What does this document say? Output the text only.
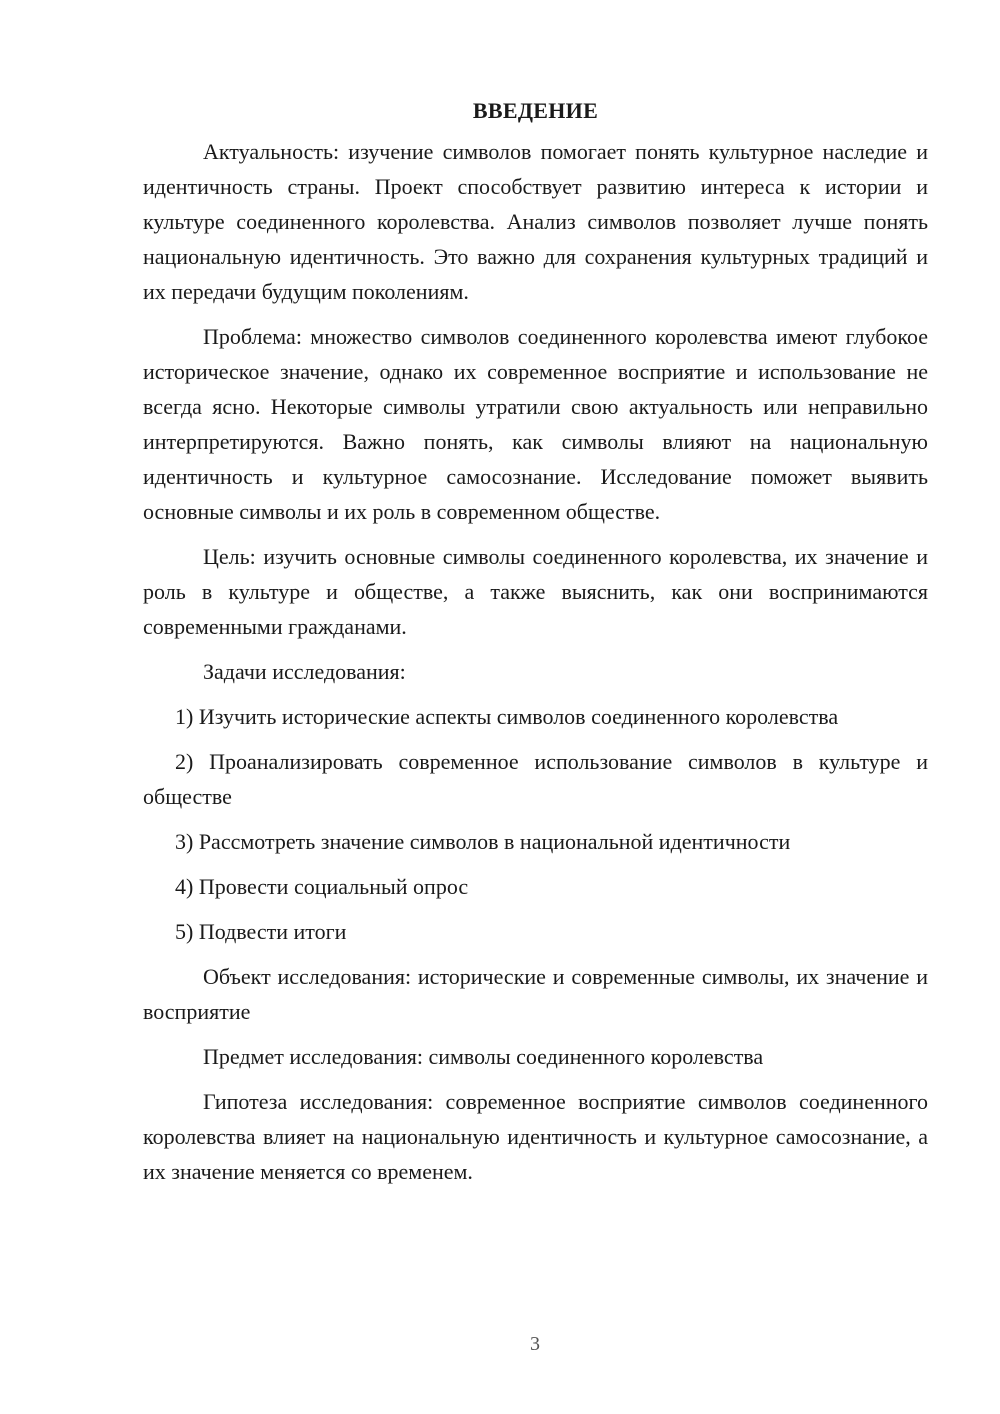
ВВЕДЕНИЕ

Актуальность: изучение символов помогает понять культурное наследие и идентичность страны. Проект способствует развитию интереса к истории и культуре соединенного королевства. Анализ символов позволяет лучше понять национальную идентичность. Это важно для сохранения культурных традиций и их передачи будущим поколениям.

Проблема: множество символов соединенного королевства имеют глубокое историческое значение, однако их современное восприятие и использование не всегда ясно. Некоторые символы утратили свою актуальность или неправильно интерпретируются. Важно понять, как символы влияют на национальную идентичность и культурное самосознание. Исследование поможет выявить основные символы и их роль в современном обществе.

Цель: изучить основные символы соединенного королевства, их значение и роль в культуре и обществе, а также выяснить, как они воспринимаются современными гражданами.

Задачи исследования:

1) Изучить исторические аспекты символов соединенного королевства

2) Проанализировать современное использование символов в культуре и обществе

3) Рассмотреть значение символов в национальной идентичности

4) Провести социальный опрос

5) Подвести итоги

Объект исследования: исторические и современные символы, их значение и восприятие

Предмет исследования: символы соединенного королевства

Гипотеза исследования: современное восприятие символов соединенного королевства влияет на национальную идентичность и культурное самосознание, а их значение меняется со временем.

3
